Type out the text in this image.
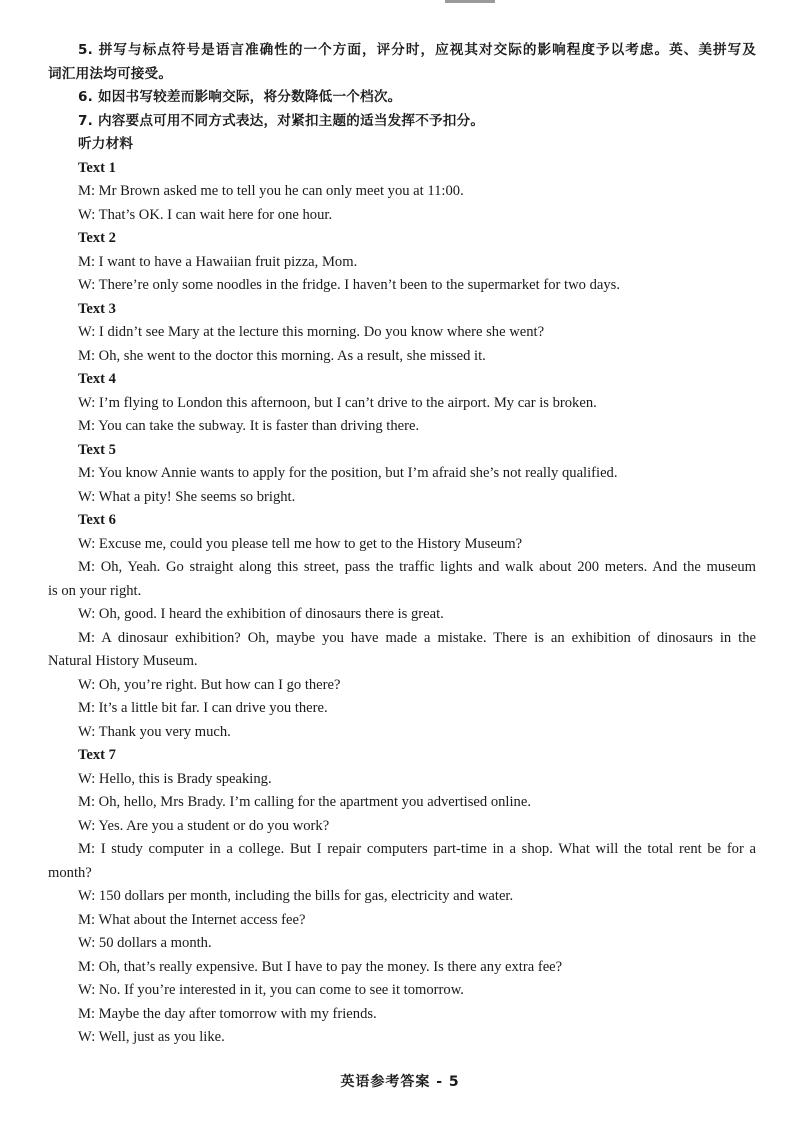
5. 拼写与标点符号是语言准确性的一个方面，评分时，应视其对交际的影响程度予以考虑。英、美拼写及
词汇用法均可接受。
6. 如因书写较差而影响交际，将分数降低一个档次。
7. 内容要点可用不同方式表达，对紧扣主题的适当发挥不予扣分。
听力材料
Text 1
M: Mr Brown asked me to tell you he can only meet you at 11:00.
W: That’s OK. I can wait here for one hour.
Text 2
M: I want to have a Hawaiian fruit pizza, Mom.
W: There’re only some noodles in the fridge. I haven’t been to the supermarket for two days.
Text 3
W: I didn’t see Mary at the lecture this morning. Do you know where she went?
M: Oh, she went to the doctor this morning. As a result, she missed it.
Text 4
W: I’m flying to London this afternoon, but I can’t drive to the airport. My car is broken.
M: You can take the subway. It is faster than driving there.
Text 5
M: You know Annie wants to apply for the position, but I’m afraid she’s not really qualified.
W: What a pity! She seems so bright.
Text 6
W: Excuse me, could you please tell me how to get to the History Museum?
M: Oh, Yeah. Go straight along this street, pass the traffic lights and walk about 200 meters. And the museum
is on your right.
W: Oh, good. I heard the exhibition of dinosaurs there is great.
M: A dinosaur exhibition? Oh, maybe you have made a mistake. There is an exhibition of dinosaurs in the
Natural History Museum.
W: Oh, you’re right. But how can I go there?
M: It’s a little bit far. I can drive you there.
W: Thank you very much.
Text 7
W: Hello, this is Brady speaking.
M: Oh, hello, Mrs Brady. I’m calling for the apartment you advertised online.
W: Yes. Are you a student or do you work?
M: I study computer in a college. But I repair computers part-time in a shop. What will the total rent be for a
month?
W: 150 dollars per month, including the bills for gas, electricity and water.
M: What about the Internet access fee?
W: 50 dollars a month.
M: Oh, that’s really expensive. But I have to pay the money. Is there any extra fee?
W: No. If you’re interested in it, you can come to see it tomorrow.
M: Maybe the day after tomorrow with my friends.
W: Well, just as you like.
英语参考答案 - 5
